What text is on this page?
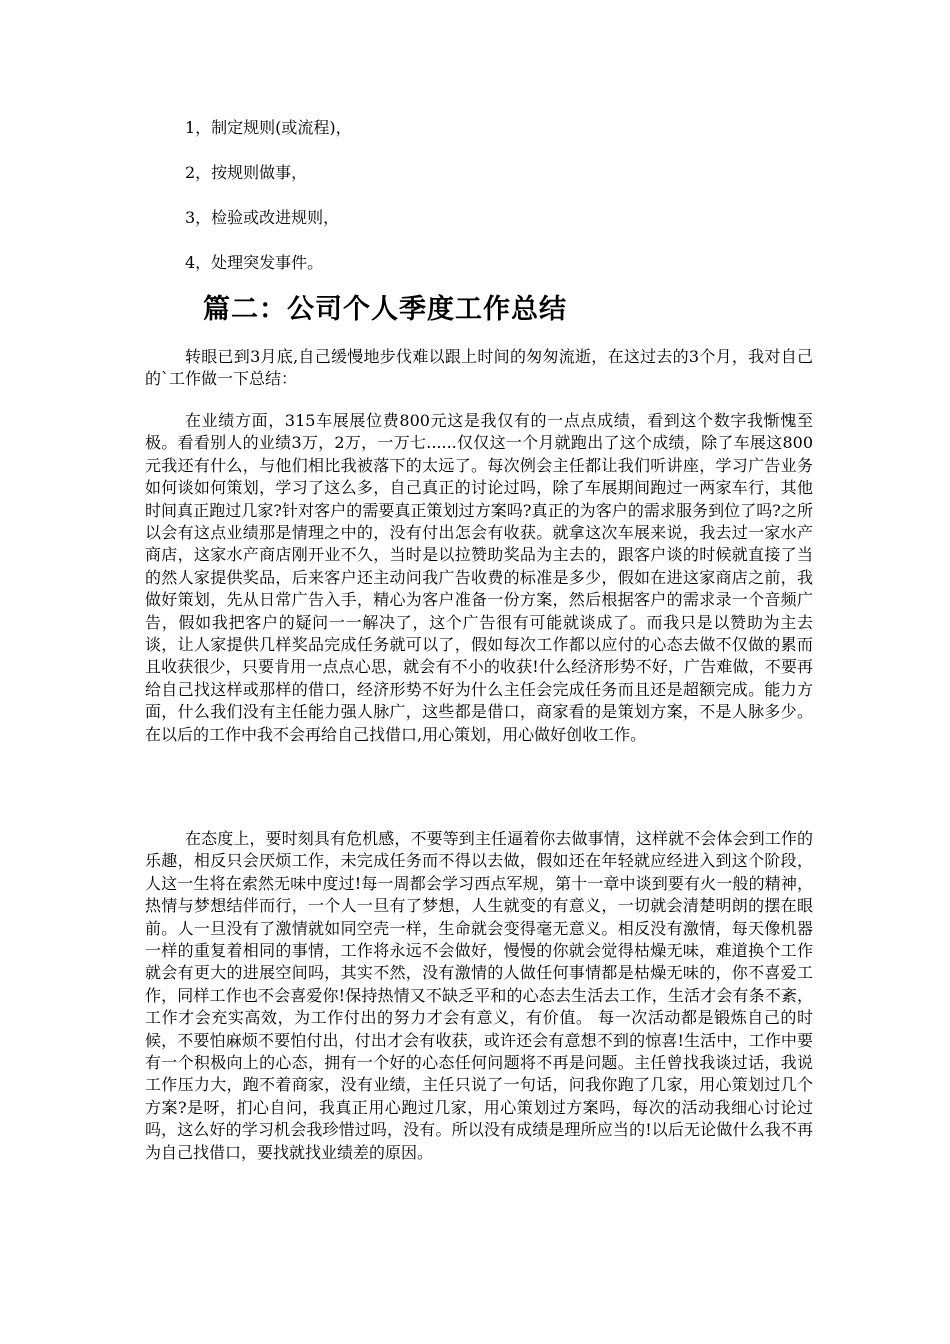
1，制定规则(或流程)，
2，按规则做事，
3，检验或改进规则，
4，处理突发事件。
篇二：公司个人季度工作总结

转眼已到3月底,自己缓慢地步伐难以跟上时间的匆匆流逝，在这过去的3个月，我对自己的`工作做一下总结：

在业绩方面，315车展展位费800元这是我仅有的一点点成绩，看到这个数字我惭愧至极。看看别人的业绩3万，2万，一万七......仅仅这一个月就跑出了这个成绩，除了车展这800元我还有什么，与他们相比我被落下的太远了。每次例会主任都让我们听讲座，学习广告业务如何谈如何策划，学习了这么多，自己真正的讨论过吗，除了车展期间跑过一两家车行，其他时间真正跑过几家?针对客户的需要真正策划过方案吗?真正的为客户的需求服务到位了吗?之所以会有这点业绩那是情理之中的，没有付出怎会有收获。就拿这次车展来说，我去过一家水产商店，这家水产商店刚开业不久，当时是以拉赞助奖品为主去的，跟客户谈的时候就直接了当的然人家提供奖品，后来客户还主动问我广告收费的标准是多少，假如在进这家商店之前，我做好策划，先从日常广告入手，精心为客户准备一份方案，然后根据客户的需求录一个音频广告，假如我把客户的疑问一一解决了，这个广告很有可能就谈成了。而我只是以赞助为主去谈，让人家提供几样奖品完成任务就可以了，假如每次工作都以应付的心态去做不仅做的累而且收获很少，只要肯用一点点心思，就会有不小的收获!什么经济形势不好，广告难做，不要再给自己找这样或那样的借口，经济形势不好为什么主任会完成任务而且还是超额完成。能力方面，什么我们没有主任能力强人脉广，这些都是借口，商家看的是策划方案，不是人脉多少。在以后的工作中我不会再给自己找借口,用心策划，用心做好创收工作。

在态度上，要时刻具有危机感，不要等到主任逼着你去做事情，这样就不会体会到工作的乐趣，相反只会厌烦工作，未完成任务而不得以去做，假如还在年轻就应经进入到这个阶段，人这一生将在索然无味中度过!每一周都会学习西点军规，第十一章中谈到要有火一般的精神，热情与梦想结伴而行，一个人一旦有了梦想，人生就变的有意义，一切就会清楚明朗的摆在眼前。人一旦没有了激情就如同空壳一样，生命就会变得毫无意义。相反没有激情，每天像机器一样的重复着相同的事情，工作将永远不会做好，慢慢的你就会觉得枯燥无味，难道换个工作就会有更大的进展空间吗，其实不然，没有激情的人做任何事情都是枯燥无味的，你不喜爱工作，同样工作也不会喜爱你!保持热情又不缺乏平和的心态去生活去工作，生活才会有条不紊，工作才会充实高效，为工作付出的努力才会有意义，有价值。 每一次活动都是锻炼自己的时候，不要怕麻烦不要怕付出，付出才会有收获，或许还会有意想不到的惊喜!生活中，工作中要有一个积极向上的心态，拥有一个好的心态任何问题将不再是问题。主任曾找我谈过话，我说工作压力大，跑不着商家，没有业绩，主任只说了一句话，问我你跑了几家，用心策划过几个方案?是呀，扪心自问，我真正用心跑过几家，用心策划过方案吗，每次的活动我细心讨论过吗，这么好的学习机会我珍惜过吗，没有。所以没有成绩是理所应当的!以后无论做什么我不再为自己找借口，要找就找业绩差的原因。
